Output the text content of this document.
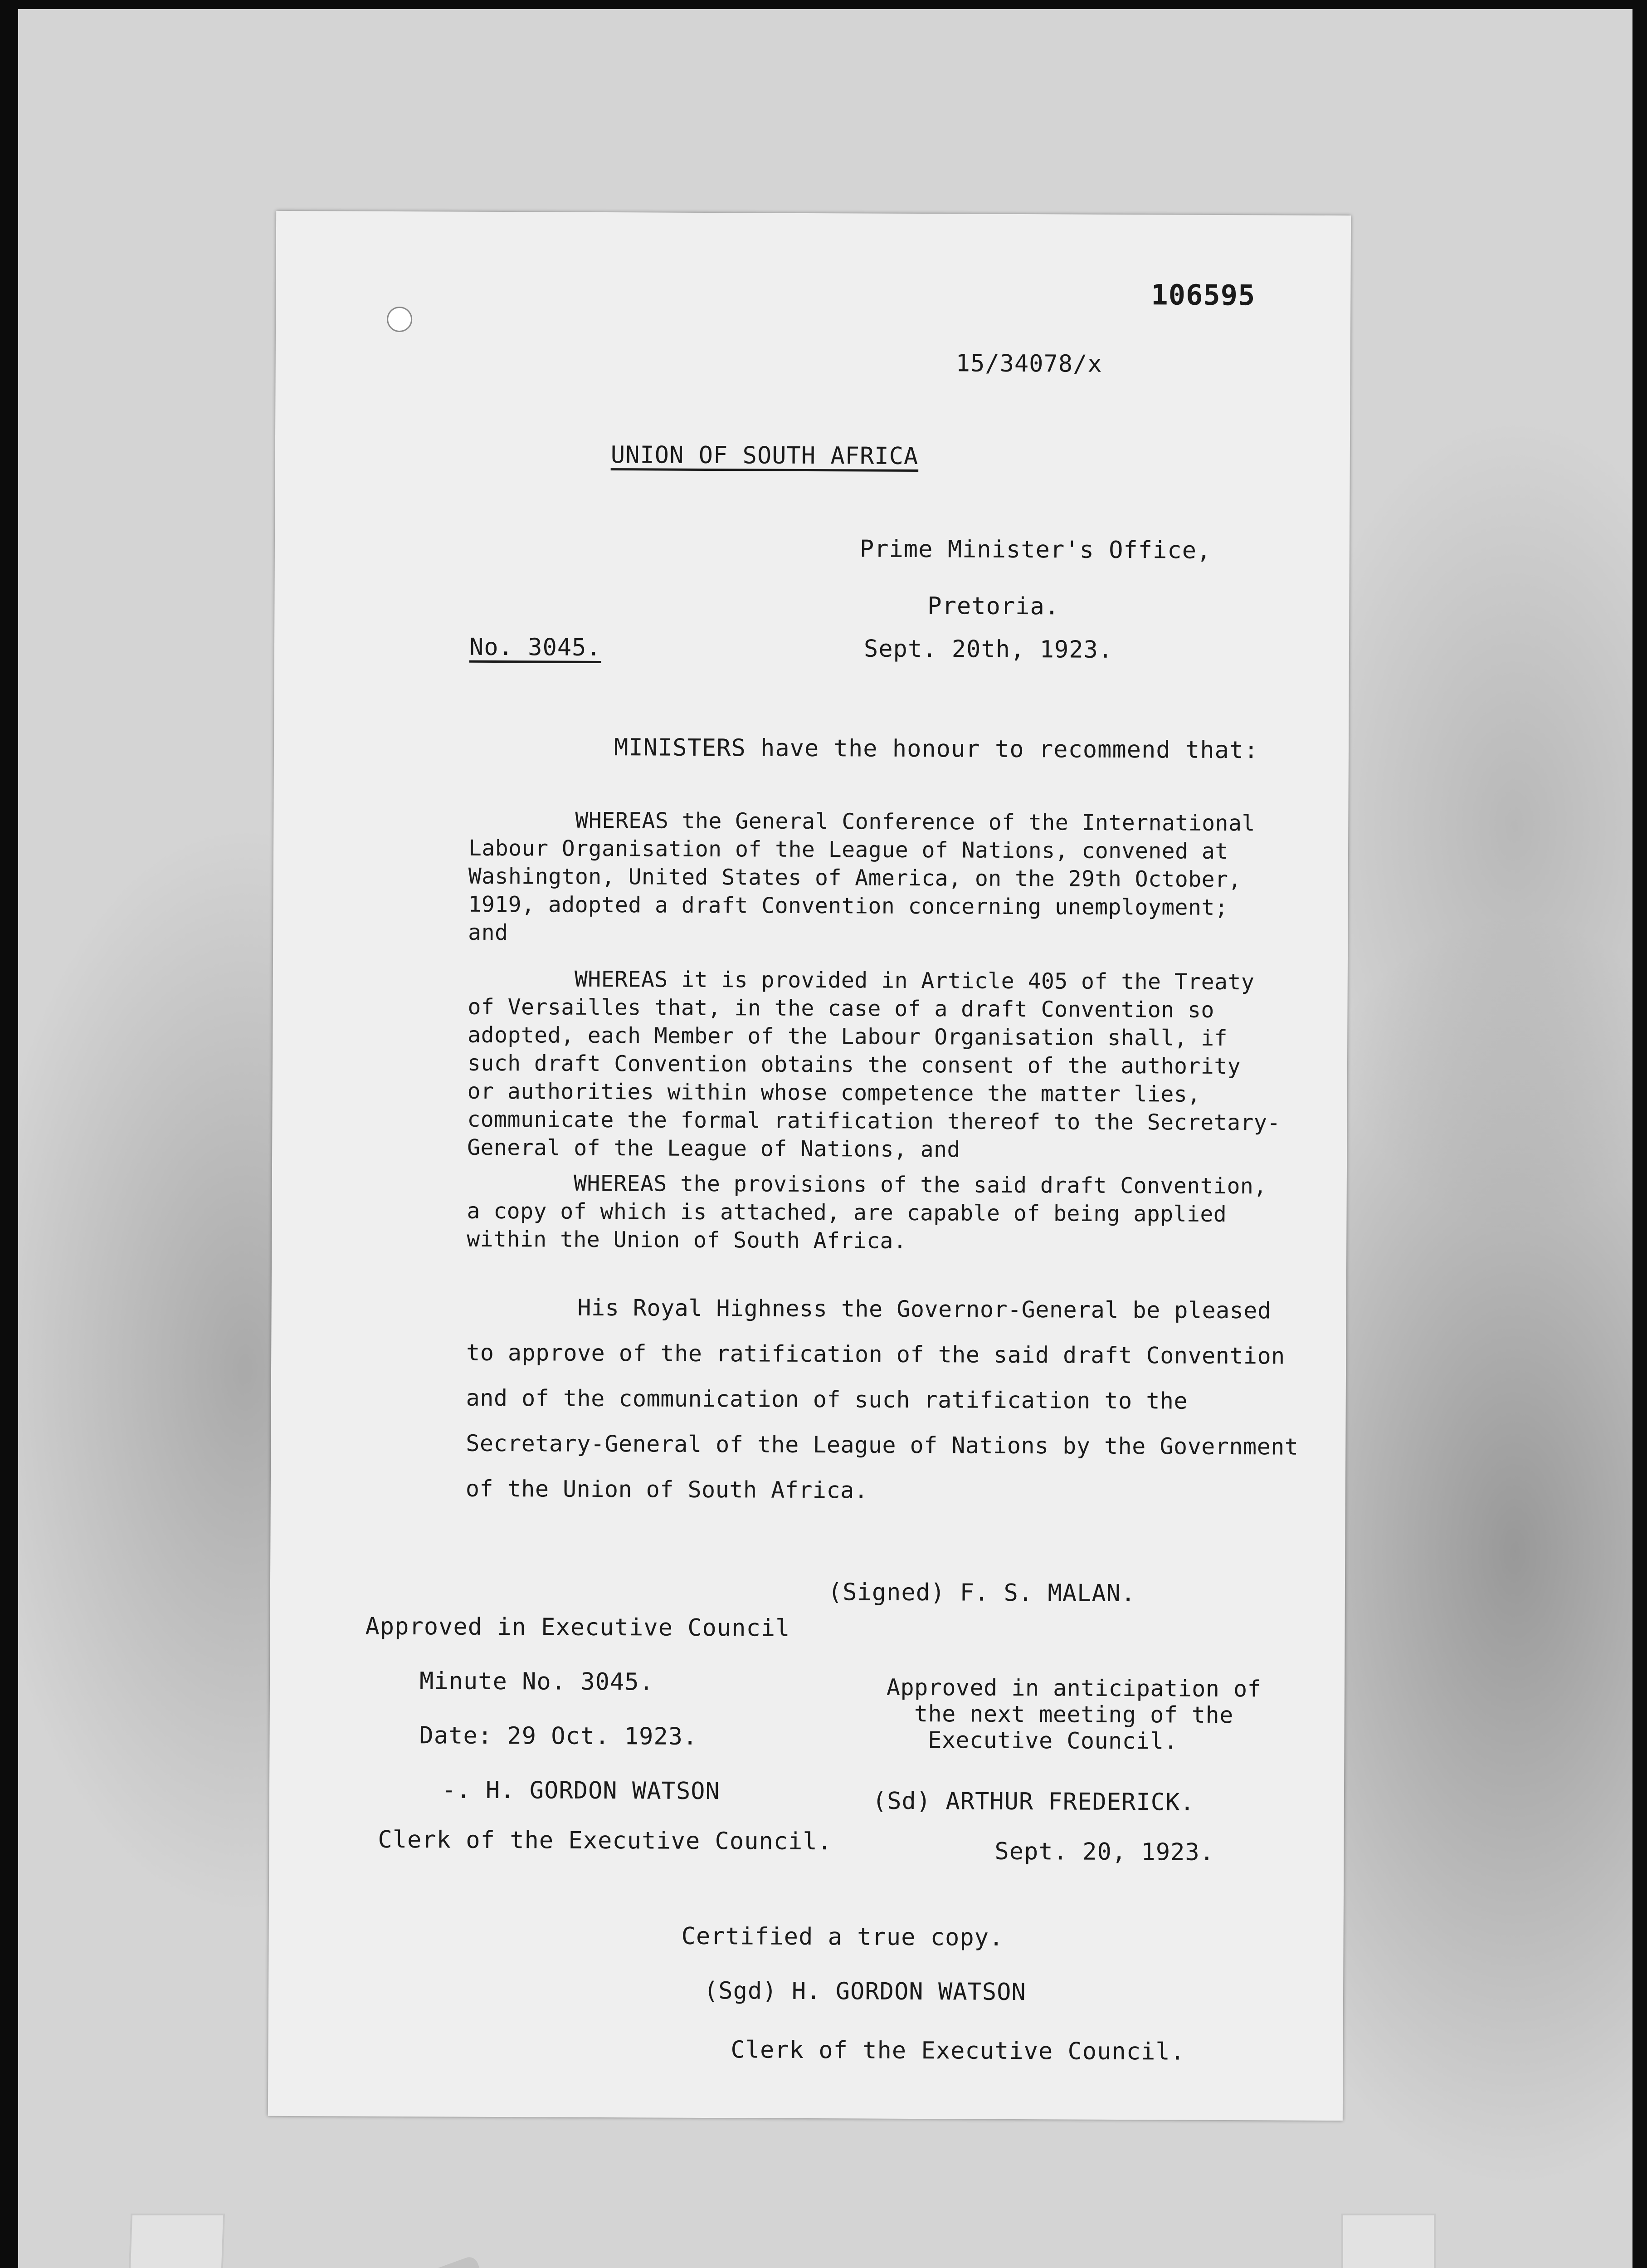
106595
15/34078/x
UNION OF SOUTH AFRICA
Prime Minister's Office,
Pretoria.
No. 3045.	Sept. 20th, 1923.
MINISTERS have the honour to recommend that:
WHEREAS the General Conference of the International
Labour Organisation of the League of Nations, convened at
Washington, United States of America, on the 29th October,
1919, adopted a draft Convention concerning unemployment;
and
WHEREAS it is provided in Article 405 of the Treaty
of Versailles that, in the case of a draft Convention so
adopted, each Member of the Labour Organisation shall, if
such draft Convention obtains the consent of the authority
or authorities within whose competence the matter lies,
communicate the formal ratification thereof to the Secretary-
General of the League of Nations, and
WHEREAS the provisions of the said draft Convention,
a copy of which is attached, are capable of being applied
within the Union of South Africa.
His Royal Highness the Governor-General be pleased

to approve of the ratification of the said draft Convention

and of the communication of such ratification to the

Secretary-General of the League of Nations by the Government

of the Union of South Africa.
(Signed) F. S. MALAN.
Approved in Executive Council
Minute No. 3045.
Date: 29 Oct. 1923.
-. H. GORDON WATSON
Clerk of the Executive Council.
Approved in anticipation of
the next meeting of the
Executive Council.
(Sd) ARTHUR FREDERICK.
Sept. 20, 1923.
Certified a true copy.
(Sgd) H. GORDON WATSON
Clerk of the Executive Council.
